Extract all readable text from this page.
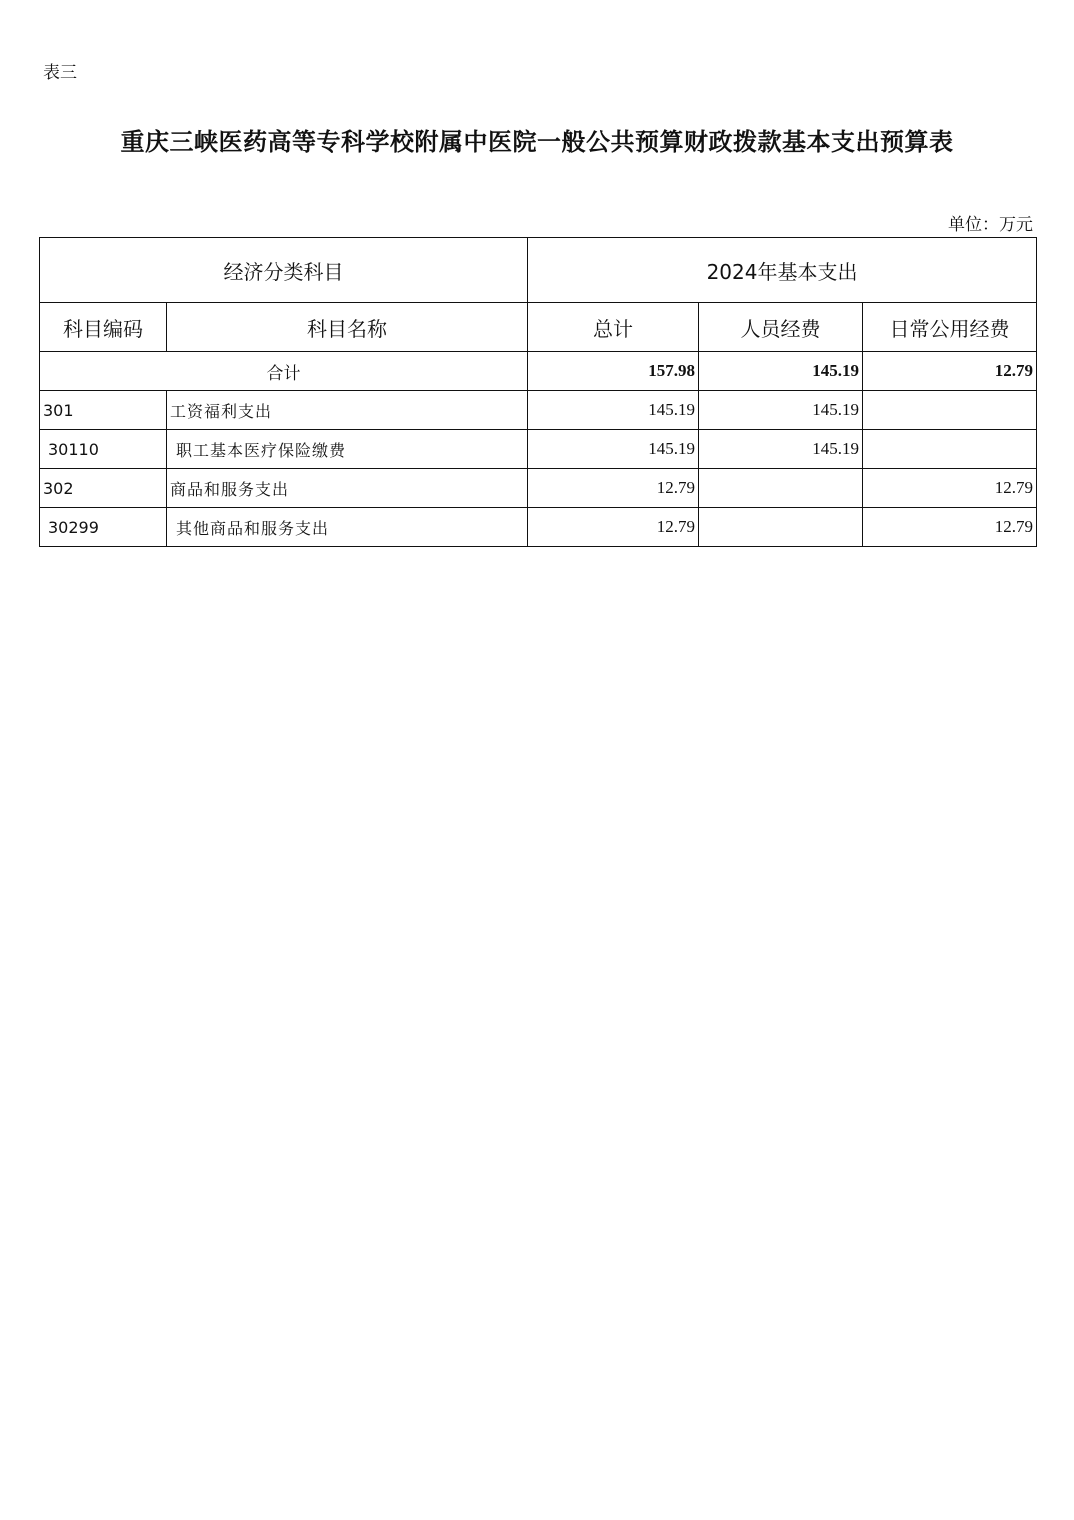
表三
重庆三峡医药高等专科学校附属中医院一般公共预算财政拨款基本支出预算表
单位：万元
经济分类科目		2024年基本支出		
科目编码	科目名称	总计	人员经费	日常公用经费
合计		157.98	145.19	12.79
301	工资福利支出	145.19	145.19	
30110	职工基本医疗保险缴费	145.19	145.19	
302	商品和服务支出	12.79		12.79
30299	其他商品和服务支出	12.79		12.79
